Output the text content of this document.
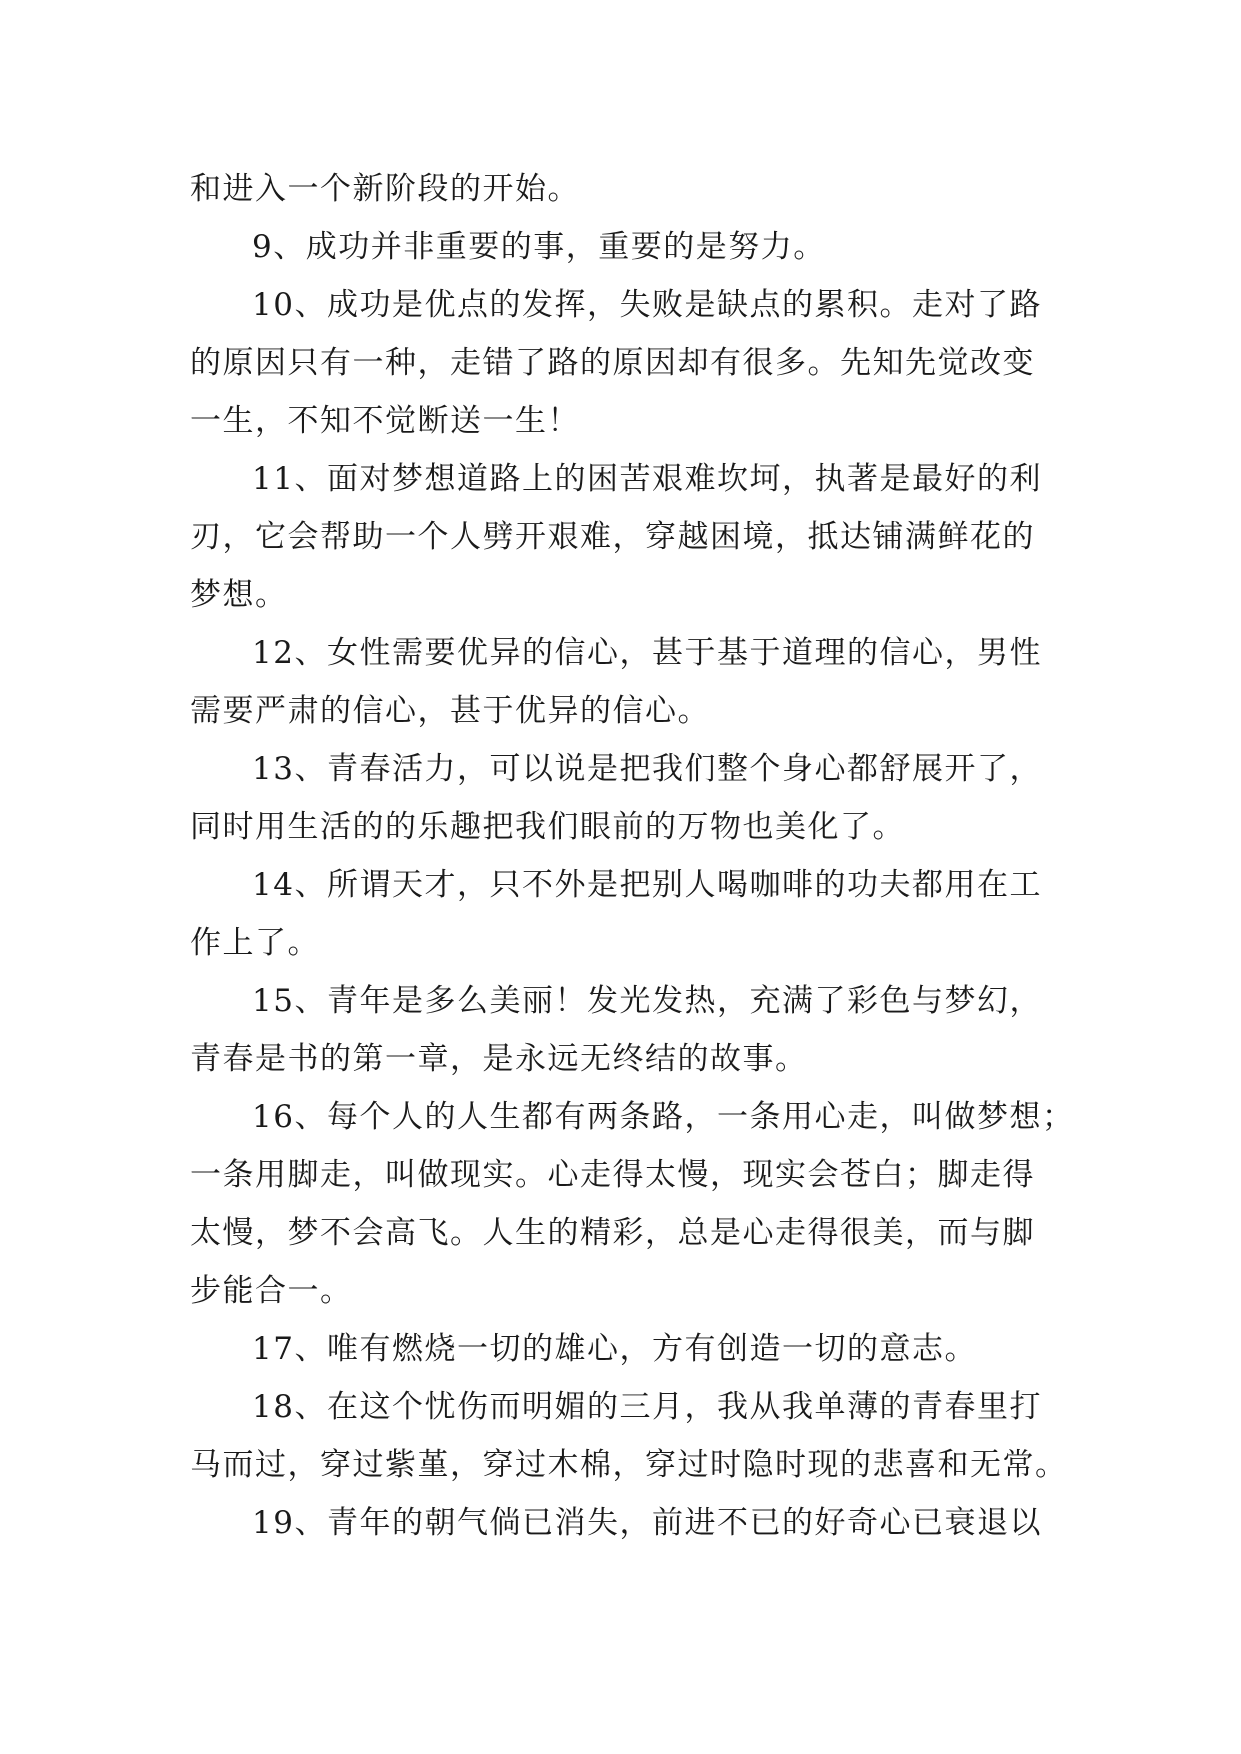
和进入一个新阶段的开始。
9、成功并非重要的事，重要的是努力。
10、成功是优点的发挥，失败是缺点的累积。走对了路
的原因只有一种，走错了路的原因却有很多。先知先觉改变
一生，不知不觉断送一生！
11、面对梦想道路上的困苦艰难坎坷，执著是最好的利
刃，它会帮助一个人劈开艰难，穿越困境，抵达铺满鲜花的
梦想。
12、女性需要优异的信心，甚于基于道理的信心，男性
需要严肃的信心，甚于优异的信心。
13、青春活力，可以说是把我们整个身心都舒展开了，
同时用生活的的乐趣把我们眼前的万物也美化了。
14、所谓天才，只不外是把别人喝咖啡的功夫都用在工
作上了。
15、青年是多么美丽！发光发热，充满了彩色与梦幻，
青春是书的第一章，是永远无终结的故事。
16、每个人的人生都有两条路，一条用心走，叫做梦想；
一条用脚走，叫做现实。心走得太慢，现实会苍白；脚走得
太慢，梦不会高飞。人生的精彩，总是心走得很美，而与脚
步能合一。
17、唯有燃烧一切的雄心，方有创造一切的意志。
18、在这个忧伤而明媚的三月，我从我单薄的青春里打
马而过，穿过紫堇，穿过木棉，穿过时隐时现的悲喜和无常。
19、青年的朝气倘已消失，前进不已的好奇心已衰退以
